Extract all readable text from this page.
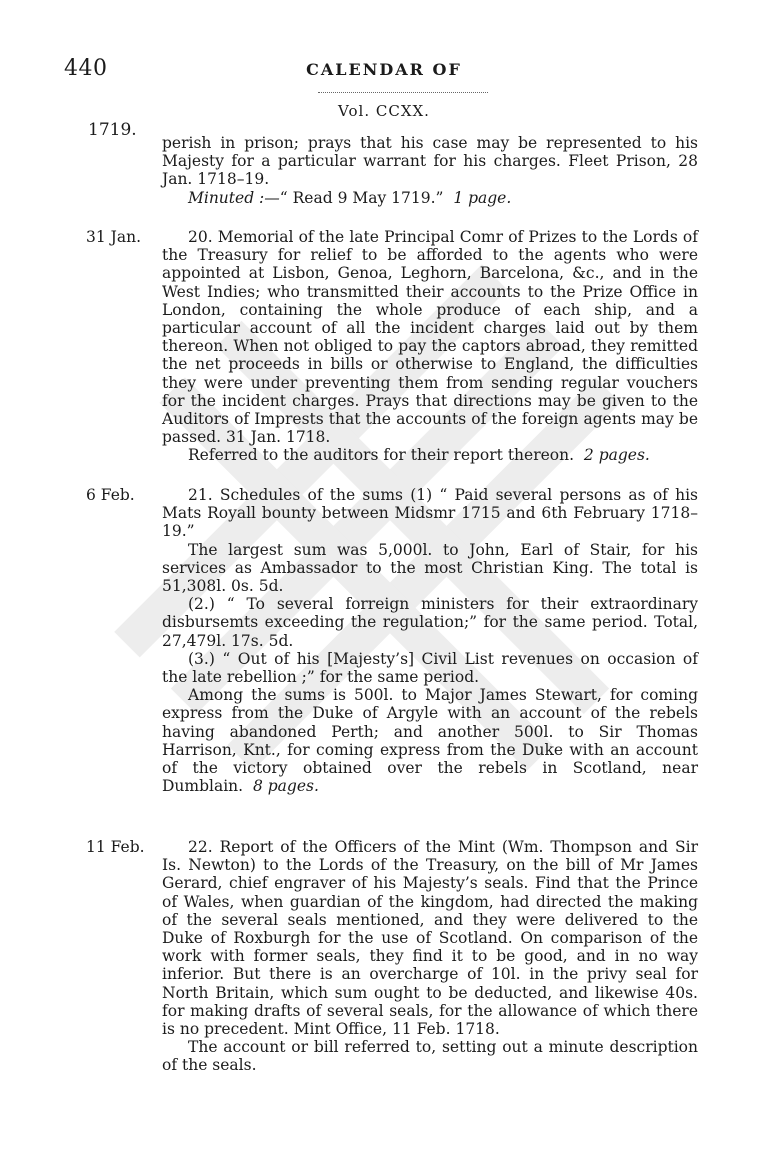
440	CALENDAR OF
Vol. CCXX.
1719.

perish in prison; prays that his case may be represented to his Majesty for a particular warrant for his charges. Fleet Prison, 28 Jan. 1718–19.

Minuted :—“ Read 9 May 1719.” 1 page.

31 Jan.	20. Memorial of the late Principal Comr of Prizes to the Lords of the Treasury for relief to be afforded to the agents who were appointed at Lisbon, Genoa, Leghorn, Barcelona, &c., and in the West Indies; who transmitted their accounts to the Prize Office in London, containing the whole produce of each ship, and a particular account of all the incident charges laid out by them thereon. When not obliged to pay the captors abroad, they remitted the net proceeds in bills or otherwise to England, the difficulties they were under preventing them from sending regular vouchers for the incident charges. Prays that directions may be given to the Auditors of Imprests that the accounts of the foreign agents may be passed. 31 Jan. 1718.

Referred to the auditors for their report thereon. 2 pages.

6 Feb.	21. Schedules of the sums (1) “ Paid several persons as of his Mats Royall bounty between Midsmr 1715 and 6th February 1718–19.”

The largest sum was 5,000l. to John, Earl of Stair, for his services as Ambassador to the most Christian King. The total is 51,308l. 0s. 5d.

(2.) “ To several forreign ministers for their extraordinary disbursemts exceeding the regulation;” for the same period. Total, 27,479l. 17s. 5d.

(3.) “ Out of his [Majesty’s] Civil List revenues on occasion of the late rebellion ;” for the same period.

Among the sums is 500l. to Major James Stewart, for coming express from the Duke of Argyle with an account of the rebels having abandoned Perth; and another 500l. to Sir Thomas Harrison, Knt., for coming express from the Duke with an account of the victory obtained over the rebels in Scotland, near Dumblain. 8 pages.

11 Feb.	22. Report of the Officers of the Mint (Wm. Thompson and Sir Is. Newton) to the Lords of the Treasury, on the bill of Mr James Gerard, chief engraver of his Majesty’s seals. Find that the Prince of Wales, when guardian of the kingdom, had directed the making of the several seals mentioned, and they were delivered to the Duke of Roxburgh for the use of Scotland. On comparison of the work with former seals, they find it to be good, and in no way inferior. But there is an overcharge of 10l. in the privy seal for North Britain, which sum ought to be deducted, and likewise 40s. for making drafts of several seals, for the allowance of which there is no precedent. Mint Office, 11 Feb. 1718.

The account or bill referred to, setting out a minute description of the seals.
